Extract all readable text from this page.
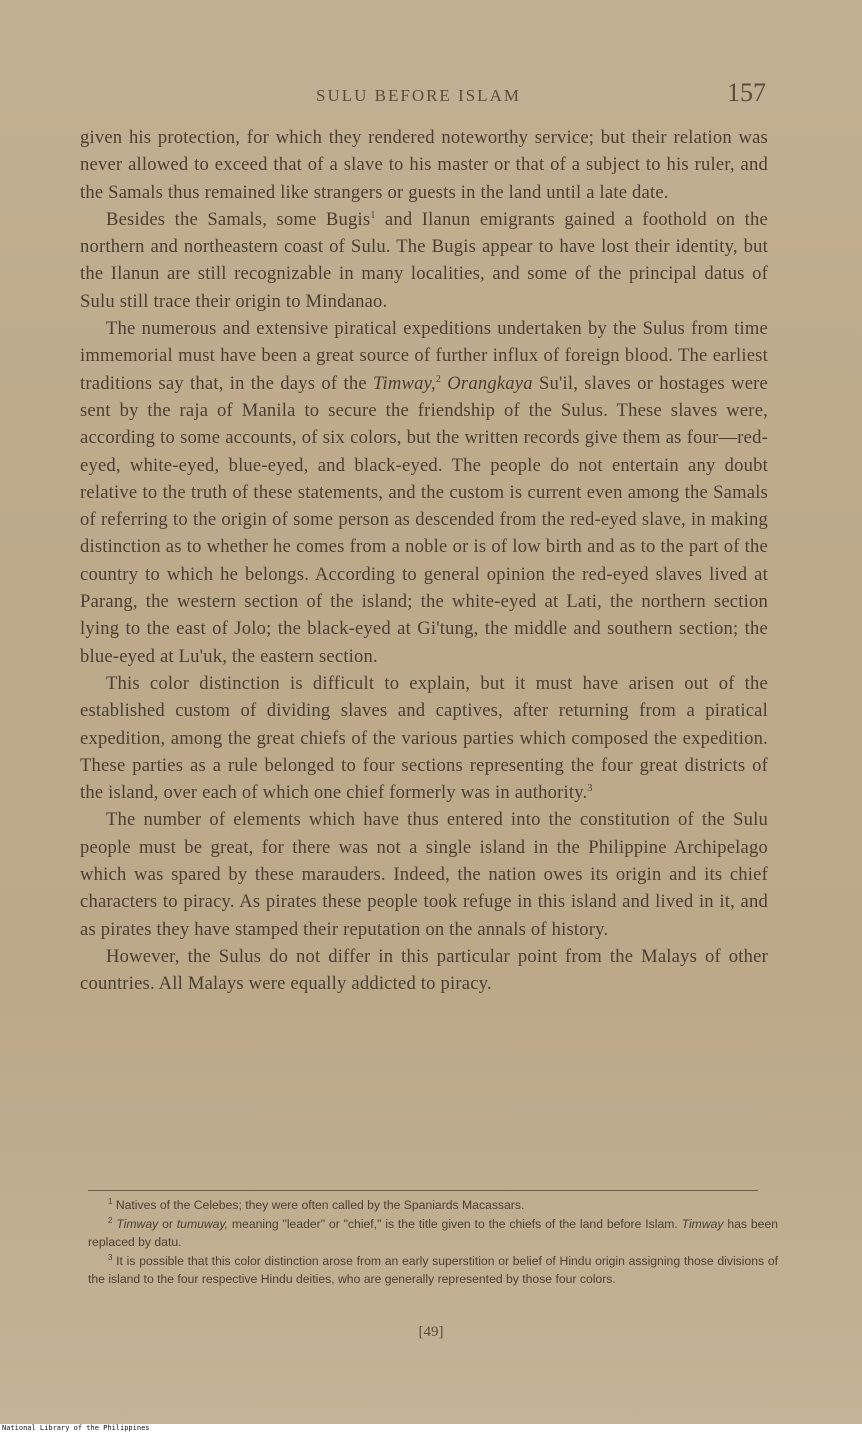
SULU BEFORE ISLAM	157

given his protection, for which they rendered noteworthy service; but their relation was never allowed to exceed that of a slave to his master or that of a subject to his ruler, and the Samals thus remained like strangers or guests in the land until a late date.

Besides the Samals, some Bugis$^1$ and Ilanun emigrants gained a foothold on the northern and northeastern coast of Sulu. The Bugis appear to have lost their identity, but the Ilanun are still recognizable in many localities, and some of the principal datus of Sulu still trace their origin to Mindanao.

The numerous and extensive piratical expeditions undertaken by the Sulus from time immemorial must have been a great source of further influx of foreign blood. The earliest traditions say that, in the days of the Timway,$^2$ Orangkaya Su'il, slaves or hostages were sent by the raja of Manila to secure the friendship of the Sulus. These slaves were, according to some accounts, of six colors, but the written records give them as four—red-eyed, white-eyed, blue-eyed, and black-eyed. The people do not entertain any doubt relative to the truth of these statements, and the custom is current even among the Samals of referring to the origin of some person as descended from the red-eyed slave, in making distinction as to whether he comes from a noble or is of low birth and as to the part of the country to which he belongs. According to general opinion the red-eyed slaves lived at Parang, the western section of the island; the white-eyed at Lati, the northern section lying to the east of Jolo; the black-eyed at Gi'tung, the middle and southern section; the blue-eyed at Lu'uk, the eastern section.

This color distinction is difficult to explain, but it must have arisen out of the established custom of dividing slaves and captives, after returning from a piratical expedition, among the great chiefs of the various parties which composed the expedition. These parties as a rule belonged to four sections representing the four great districts of the island, over each of which one chief formerly was in authority.$^3$

The number of elements which have thus entered into the constitution of the Sulu people must be great, for there was not a single island in the Philippine Archipelago which was spared by these marauders. Indeed, the nation owes its origin and its chief characters to piracy. As pirates these people took refuge in this island and lived in it, and as pirates they have stamped their reputation on the annals of history.

However, the Sulus do not differ in this particular point from the Malays of other countries. All Malays were equally addicted to piracy.

$^1$ Natives of the Celebes; they were often called by the Spaniards Macassars.

$^2$ Timway or tumuway, meaning "leader" or "chief," is the title given to the chiefs of the land before Islam. Timway has been replaced by datu.

$^3$ It is possible that this color distinction arose from an early superstition or belief of Hindu origin assigning those divisions of the island to the four respective Hindu deities, who are generally represented by those four colors.

[49]
National Library of the Philippines
